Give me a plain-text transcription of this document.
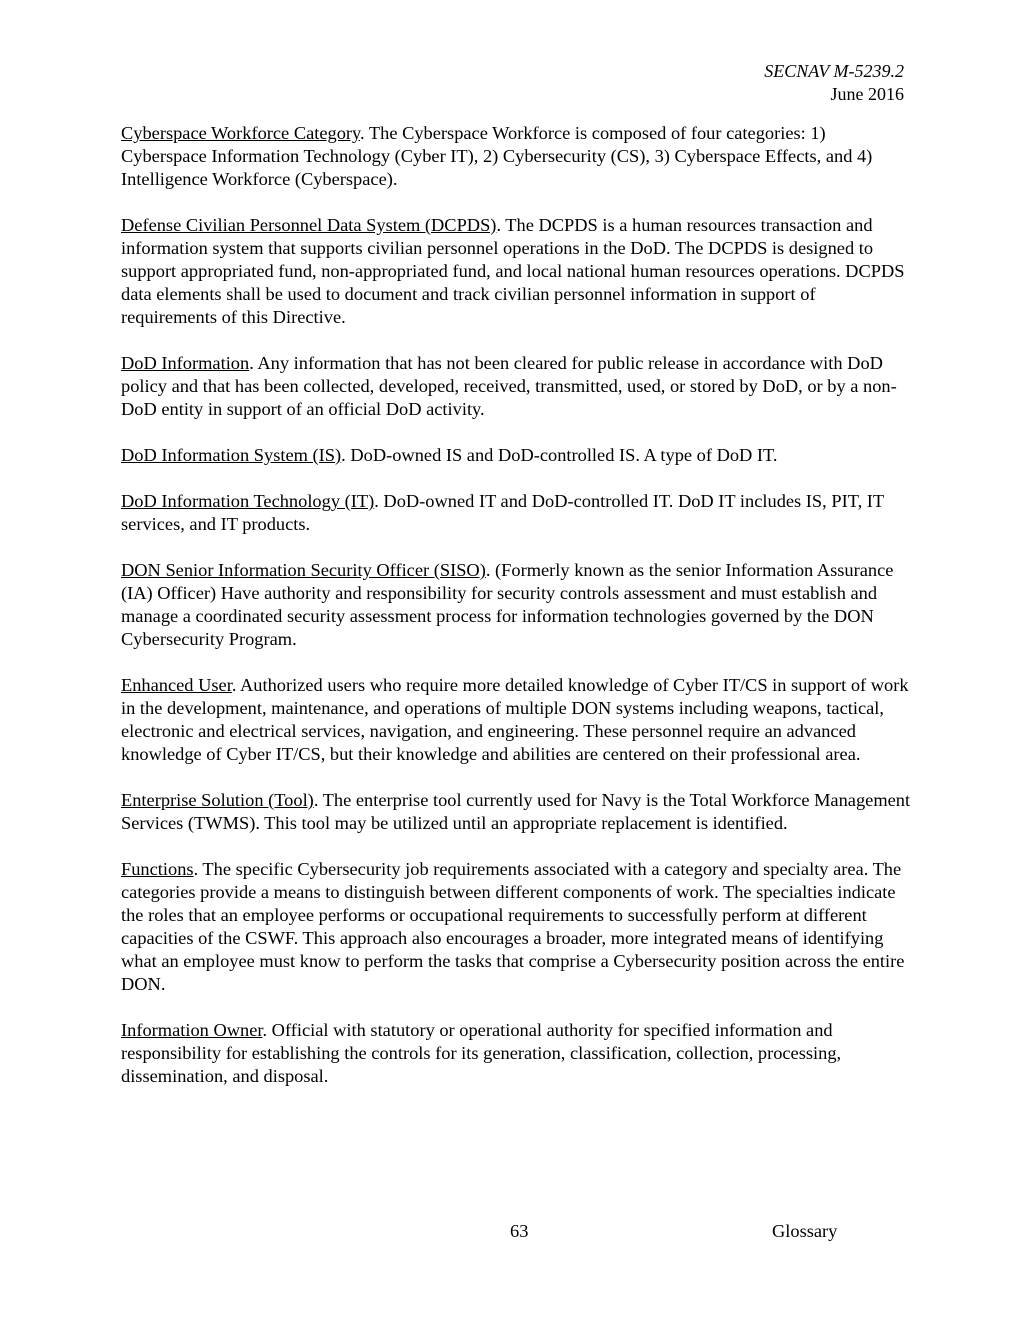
SECNAV M-5239.2
June 2016

Cyberspace Workforce Category. The Cyberspace Workforce is composed of four categories: 1) Cyberspace Information Technology (Cyber IT), 2) Cybersecurity (CS), 3) Cyberspace Effects, and 4) Intelligence Workforce (Cyberspace).

Defense Civilian Personnel Data System (DCPDS). The DCPDS is a human resources transaction and information system that supports civilian personnel operations in the DoD. The DCPDS is designed to support appropriated fund, non-appropriated fund, and local national human resources operations. DCPDS data elements shall be used to document and track civilian personnel information in support of requirements of this Directive.

DoD Information. Any information that has not been cleared for public release in accordance with DoD policy and that has been collected, developed, received, transmitted, used, or stored by DoD, or by a non-DoD entity in support of an official DoD activity.

DoD Information System (IS). DoD-owned IS and DoD-controlled IS. A type of DoD IT.

DoD Information Technology (IT). DoD-owned IT and DoD-controlled IT. DoD IT includes IS, PIT, IT services, and IT products.

DON Senior Information Security Officer (SISO). (Formerly known as the senior Information Assurance (IA) Officer) Have authority and responsibility for security controls assessment and must establish and manage a coordinated security assessment process for information technologies governed by the DON Cybersecurity Program.

Enhanced User. Authorized users who require more detailed knowledge of Cyber IT/CS in support of work in the development, maintenance, and operations of multiple DON systems including weapons, tactical, electronic and electrical services, navigation, and engineering. These personnel require an advanced knowledge of Cyber IT/CS, but their knowledge and abilities are centered on their professional area.

Enterprise Solution (Tool). The enterprise tool currently used for Navy is the Total Workforce Management Services (TWMS). This tool may be utilized until an appropriate replacement is identified.

Functions. The specific Cybersecurity job requirements associated with a category and specialty area. The categories provide a means to distinguish between different components of work. The specialties indicate the roles that an employee performs or occupational requirements to successfully perform at different capacities of the CSWF. This approach also encourages a broader, more integrated means of identifying what an employee must know to perform the tasks that comprise a Cybersecurity position across the entire DON.

Information Owner. Official with statutory or operational authority for specified information and responsibility for establishing the controls for its generation, classification, collection, processing, dissemination, and disposal.

63	Glossary
